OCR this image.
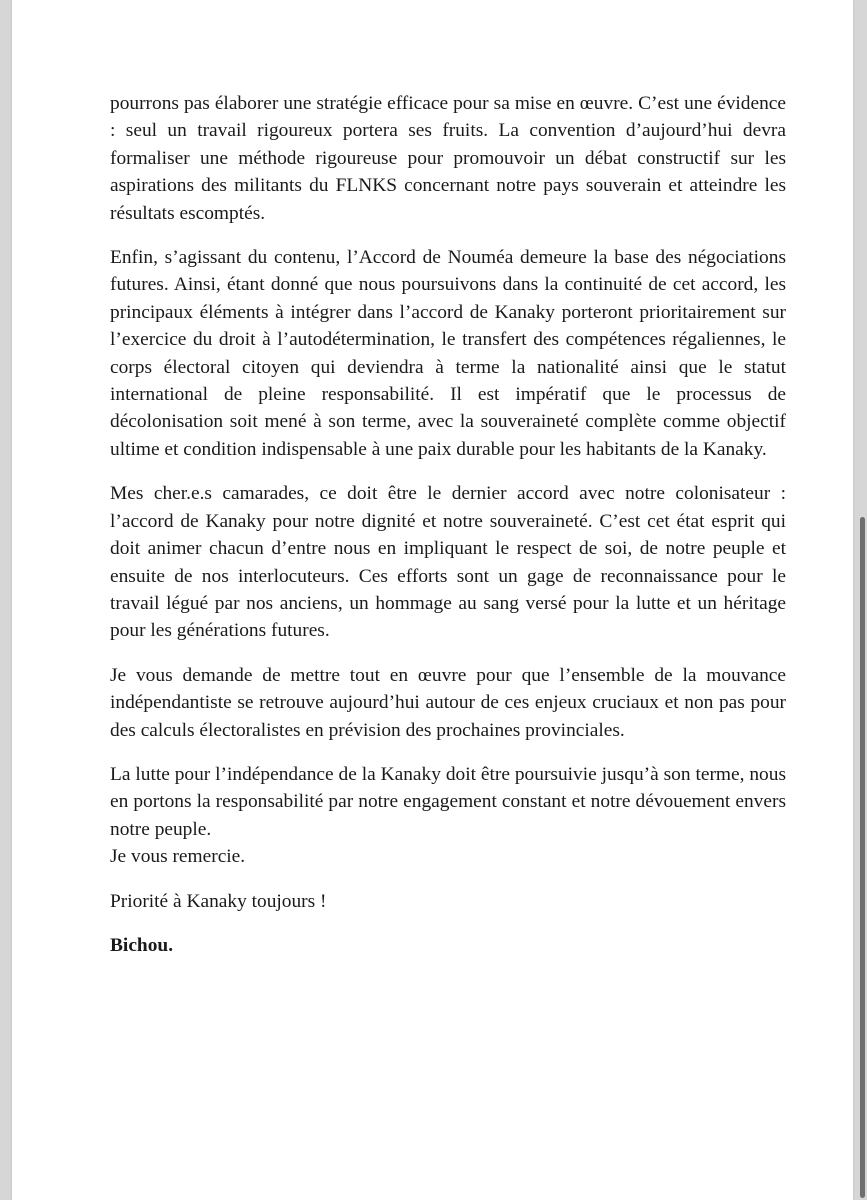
pourrons pas élaborer une stratégie efficace pour sa mise en œuvre. C’est une évidence : seul un travail rigoureux portera ses fruits. La convention d’aujourd’hui devra formaliser une méthode rigoureuse pour promouvoir un débat constructif sur les aspirations des militants du FLNKS concernant notre pays souverain et atteindre les résultats escomptés.

Enfin, s’agissant du contenu, l’Accord de Nouméa demeure la base des négociations futures. Ainsi, étant donné que nous poursuivons dans la continuité de cet accord, les principaux éléments à intégrer dans l’accord de Kanaky porteront prioritairement sur l’exercice du droit à l’autodétermination, le transfert des compétences régaliennes, le corps électoral citoyen qui deviendra à terme la nationalité ainsi que le statut international de pleine responsabilité. Il est impératif que le processus de décolonisation soit mené à son terme, avec la souveraineté complète comme objectif ultime et condition indispensable à une paix durable pour les habitants de la Kanaky.

Mes cher.e.s camarades, ce doit être le dernier accord avec notre colonisateur : l’accord de Kanaky pour notre dignité et notre souveraineté. C’est cet état esprit qui doit animer chacun d’entre nous en impliquant le respect de soi, de notre peuple et ensuite de nos interlocuteurs. Ces efforts sont un gage de reconnaissance pour le travail légué par nos anciens, un hommage au sang versé pour la lutte et un héritage pour les générations futures.

Je vous demande de mettre tout en œuvre pour que l’ensemble de la mouvance indépendantiste se retrouve aujourd’hui autour de ces enjeux cruciaux et non pas pour des calculs électoralistes en prévision des prochaines provinciales.

La lutte pour l’indépendance de la Kanaky doit être poursuivie jusqu’à son terme, nous en portons la responsabilité par notre engagement constant et notre dévouement envers notre peuple.

Je vous remercie.

Priorité à Kanaky toujours !

Bichou.
